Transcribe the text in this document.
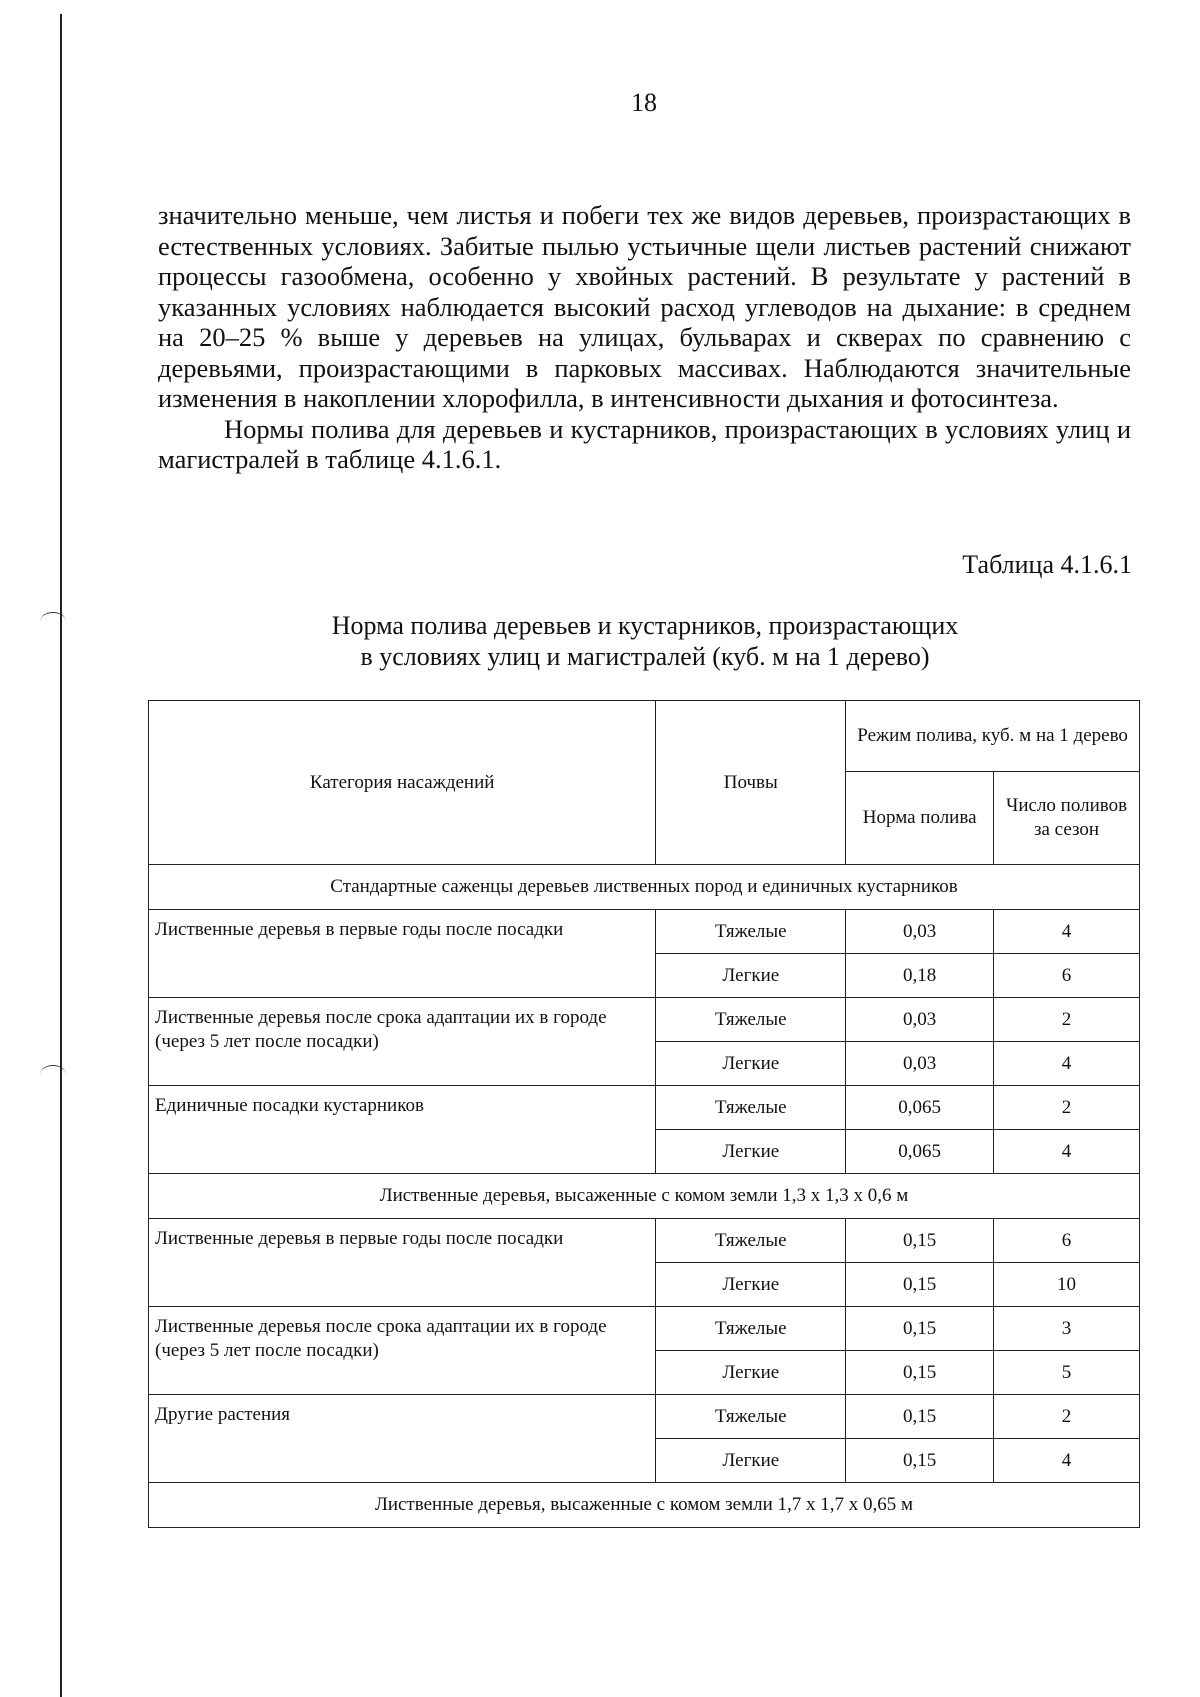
18

значительно меньше, чем листья и побеги тех же видов деревьев, произрастающих в естественных условиях. Забитые пылью устьичные щели листьев растений снижают процессы газообмена, особенно у хвойных растений. В результате у растений в указанных условиях наблюдается высокий расход углеводов на дыхание: в среднем на 20–25 % выше у деревьев на улицах, бульварах и скверах по сравнению с деревьями, произрастающими в парковых массивах. Наблюдаются значительные изменения в накоплении хлорофилла, в интенсивности дыхания и фотосинтеза.

Нормы полива для деревьев и кустарников, произрастающих в условиях улиц и магистралей в таблице 4.1.6.1.

Таблица 4.1.6.1
Норма полива деревьев и кустарников, произрастающих
в условиях улиц и магистралей (куб. м на 1 дерево)
Категория насаждений	Почвы	Режим полива, куб. м на 1 дерево	
		Норма полива	Число поливов за сезон
Стандартные саженцы деревьев лиственных пород и единичных кустарников			
Лиственные деревья в первые годы после посадки	Тяжелые	0,03	4
	Легкие	0,18	6
Лиственные деревья после срока адаптации их в городе (через 5 лет после посадки)	Тяжелые	0,03	2
	Легкие	0,03	4
Единичные посадки кустарников	Тяжелые	0,065	2
	Легкие	0,065	4
Лиственные деревья, высаженные с комом земли 1,3 х 1,3 х 0,6 м			
Лиственные деревья в первые годы после посадки	Тяжелые	0,15	6
	Легкие	0,15	10
Лиственные деревья после срока адаптации их в городе (через 5 лет после посадки)	Тяжелые	0,15	3
	Легкие	0,15	5
Другие растения	Тяжелые	0,15	2
	Легкие	0,15	4
Лиственные деревья, высаженные с комом земли 1,7 х 1,7 х 0,65 м			
